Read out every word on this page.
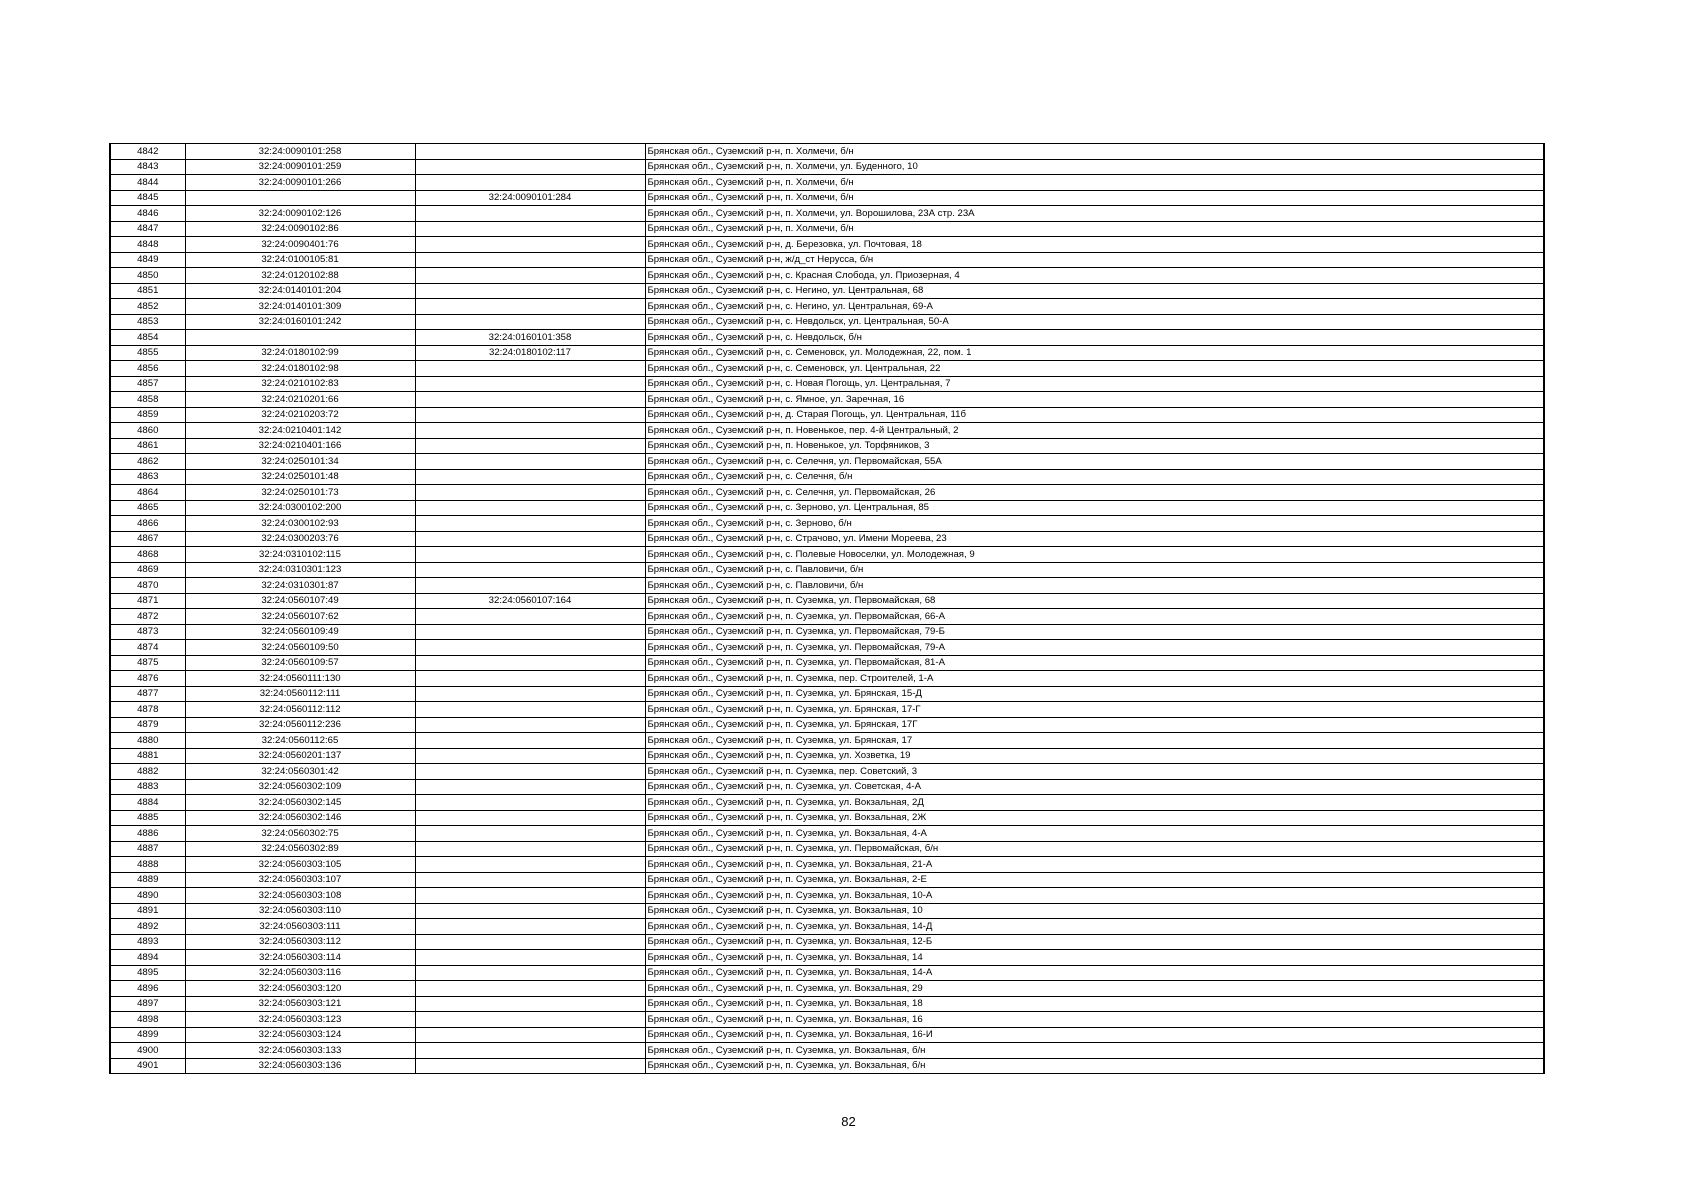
4842	32:24:0090101:258		Брянская обл., Суземский р-н, п. Холмечи, б/н
4843	32:24:0090101:259		Брянская обл., Суземский р-н, п. Холмечи, ул. Буденного, 10
4844	32:24:0090101:266		Брянская обл., Суземский р-н, п. Холмечи, б/н
4845		32:24:0090101:284	Брянская обл., Суземский р-н, п. Холмечи, б/н
4846	32:24:0090102:126		Брянская обл., Суземский р-н, п. Холмечи, ул. Ворошилова, 23А стр. 23А
4847	32:24:0090102:86		Брянская обл., Суземский р-н, п. Холмечи, б/н
4848	32:24:0090401:76		Брянская обл., Суземский р-н, д. Березовка, ул. Почтовая, 18
4849	32:24:0100105:81		Брянская обл., Суземский р-н, ж/д_ст Нерусса, б/н
4850	32:24:0120102:88		Брянская обл., Суземский р-н, с. Красная Слобода, ул. Приозерная, 4
4851	32:24:0140101:204		Брянская обл., Суземский р-н, с. Негино, ул. Центральная, 68
4852	32:24:0140101:309		Брянская обл., Суземский р-н, с. Негино, ул. Центральная, 69-А
4853	32:24:0160101:242		Брянская обл., Суземский р-н, с. Невдольск, ул. Центральная, 50-А
4854		32:24:0160101:358	Брянская обл., Суземский р-н, с. Невдольск, б/н
4855	32:24:0180102:99	32:24:0180102:117	Брянская обл., Суземский р-н, с. Семеновск, ул. Молодежная, 22, пом. 1
4856	32:24:0180102:98		Брянская обл., Суземский р-н, с. Семеновск, ул. Центральная, 22
4857	32:24:0210102:83		Брянская обл., Суземский р-н, с. Новая Погощь, ул. Центральная, 7
4858	32:24:0210201:66		Брянская обл., Суземский р-н, с. Ямное, ул. Заречная, 16
4859	32:24:0210203:72		Брянская обл., Суземский р-н, д. Старая Погощь, ул. Центральная, 11б
4860	32:24:0210401:142		Брянская обл., Суземский р-н, п. Новенькое, пер. 4-й Центральный, 2
4861	32:24:0210401:166		Брянская обл., Суземский р-н, п. Новенькое, ул. Торфяников, 3
4862	32:24:0250101:34		Брянская обл., Суземский р-н, с. Селечня, ул. Первомайская, 55А
4863	32:24:0250101:48		Брянская обл., Суземский р-н, с. Селечня, б/н
4864	32:24:0250101:73		Брянская обл., Суземский р-н, с. Селечня, ул. Первомайская, 26
4865	32:24:0300102:200		Брянская обл., Суземский р-н, с. Зерново, ул. Центральная, 85
4866	32:24:0300102:93		Брянская обл., Суземский р-н, с. Зерново, б/н
4867	32:24:0300203:76		Брянская обл., Суземский р-н, с. Страчово, ул. Имени Мореева, 23
4868	32:24:0310102:115		Брянская обл., Суземский р-н, с. Полевые Новоселки, ул. Молодежная, 9
4869	32:24:0310301:123		Брянская обл., Суземский р-н, с. Павловичи, б/н
4870	32:24:0310301:87		Брянская обл., Суземский р-н, с. Павловичи, б/н
4871	32:24:0560107:49	32:24:0560107:164	Брянская обл., Суземский р-н, п. Суземка, ул. Первомайская, 68
4872	32:24:0560107:62		Брянская обл., Суземский р-н, п. Суземка, ул. Первомайская, 66-А
4873	32:24:0560109:49		Брянская обл., Суземский р-н, п. Суземка, ул. Первомайская, 79-Б
4874	32:24:0560109:50		Брянская обл., Суземский р-н, п. Суземка, ул. Первомайская, 79-А
4875	32:24:0560109:57		Брянская обл., Суземский р-н, п. Суземка, ул. Первомайская, 81-А
4876	32:24:0560111:130		Брянская обл., Суземский р-н, п. Суземка, пер. Строителей, 1-А
4877	32:24:0560112:111		Брянская обл., Суземский р-н, п. Суземка, ул. Брянская, 15-Д
4878	32:24:0560112:112		Брянская обл., Суземский р-н, п. Суземка, ул. Брянская, 17-Г
4879	32:24:0560112:236		Брянская обл., Суземский р-н, п. Суземка, ул. Брянская, 17Г
4880	32:24:0560112:65		Брянская обл., Суземский р-н, п. Суземка, ул. Брянская, 17
4881	32:24:0560201:137		Брянская обл., Суземский р-н, п. Суземка, ул. Хозветка, 19
4882	32:24:0560301:42		Брянская обл., Суземский р-н, п. Суземка, пер. Советский, 3
4883	32:24:0560302:109		Брянская обл., Суземский р-н, п. Суземка, ул. Советская, 4-А
4884	32:24:0560302:145		Брянская обл., Суземский р-н, п. Суземка, ул. Вокзальная, 2Д
4885	32:24:0560302:146		Брянская обл., Суземский р-н, п. Суземка, ул. Вокзальная, 2Ж
4886	32:24:0560302:75		Брянская обл., Суземский р-н, п. Суземка, ул. Вокзальная, 4-А
4887	32:24:0560302:89		Брянская обл., Суземский р-н, п. Суземка, ул. Первомайская, б/н
4888	32:24:0560303:105		Брянская обл., Суземский р-н, п. Суземка, ул. Вокзальная, 21-А
4889	32:24:0560303:107		Брянская обл., Суземский р-н, п. Суземка, ул. Вокзальная, 2-Е
4890	32:24:0560303:108		Брянская обл., Суземский р-н, п. Суземка, ул. Вокзальная, 10-А
4891	32:24:0560303:110		Брянская обл., Суземский р-н, п. Суземка, ул. Вокзальная, 10
4892	32:24:0560303:111		Брянская обл., Суземский р-н, п. Суземка, ул. Вокзальная, 14-Д
4893	32:24:0560303:112		Брянская обл., Суземский р-н, п. Суземка, ул. Вокзальная, 12-Б
4894	32:24:0560303:114		Брянская обл., Суземский р-н, п. Суземка, ул. Вокзальная, 14
4895	32:24:0560303:116		Брянская обл., Суземский р-н, п. Суземка, ул. Вокзальная, 14-А
4896	32:24:0560303:120		Брянская обл., Суземский р-н, п. Суземка, ул. Вокзальная, 29
4897	32:24:0560303:121		Брянская обл., Суземский р-н, п. Суземка, ул. Вокзальная, 18
4898	32:24:0560303:123		Брянская обл., Суземский р-н, п. Суземка, ул. Вокзальная, 16
4899	32:24:0560303:124		Брянская обл., Суземский р-н, п. Суземка, ул. Вокзальная, 16-И
4900	32:24:0560303:133		Брянская обл., Суземский р-н, п. Суземка, ул. Вокзальная, б/н
4901	32:24:0560303:136		Брянская обл., Суземский р-н, п. Суземка, ул. Вокзальная, б/н
82
